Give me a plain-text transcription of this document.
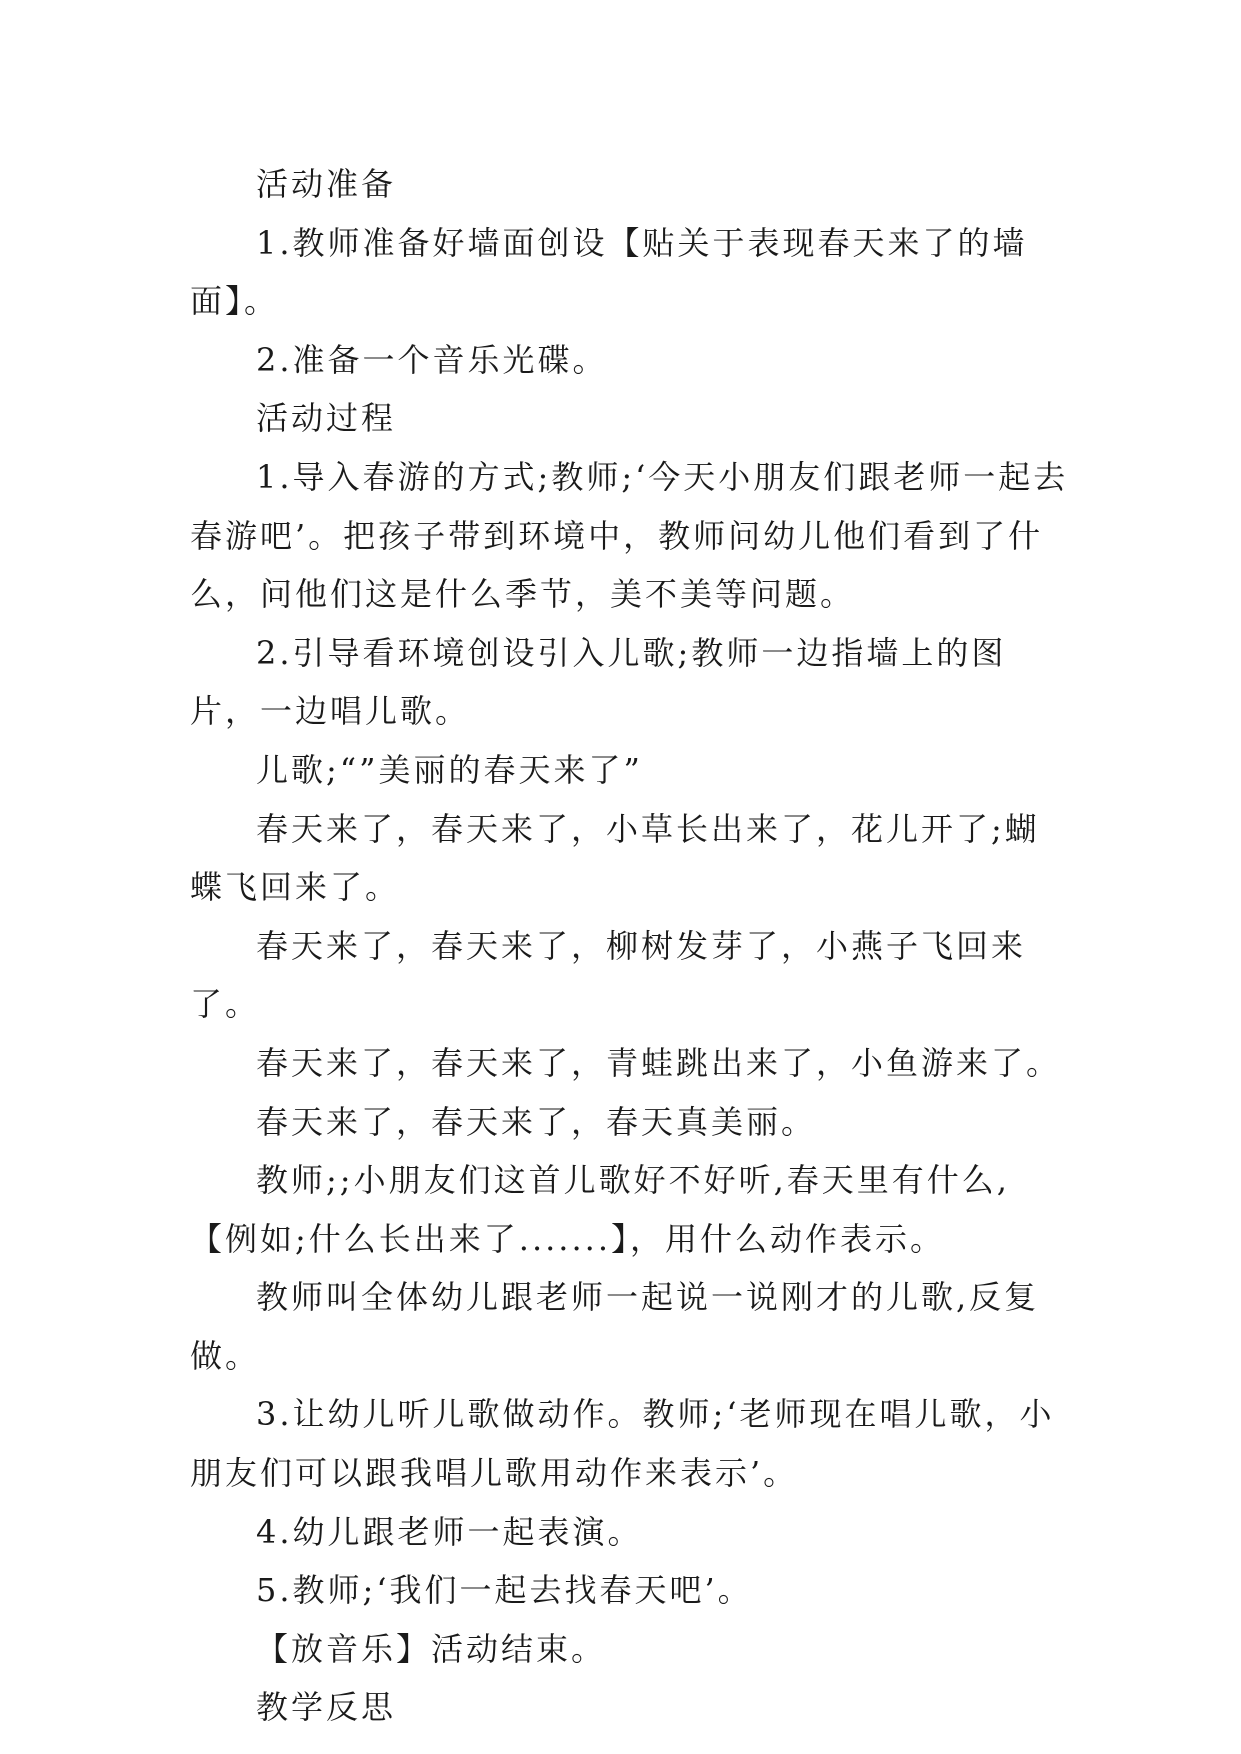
活动准备

1.教师准备好墙面创设【贴关于表现春天来了的墙面】。

2.准备一个音乐光碟。

活动过程

1.导入春游的方式;教师;‘今天小朋友们跟老师一起去春游吧’。把孩子带到环境中，教师问幼儿他们看到了什么，问他们这是什么季节，美不美等问题。

2.引导看环境创设引入儿歌;教师一边指墙上的图片，一边唱儿歌。

儿歌;“”美丽的春天来了”

春天来了，春天来了，小草长出来了，花儿开了;蝴蝶飞回来了。

春天来了，春天来了，柳树发芽了，小燕子飞回来了。

春天来了，春天来了，青蛙跳出来了，小鱼游来了。

春天来了，春天来了，春天真美丽。

教师;;小朋友们这首儿歌好不好听,春天里有什么,【例如;什么长出来了.......】，用什么动作表示。

教师叫全体幼儿跟老师一起说一说刚才的儿歌,反复做。

3.让幼儿听儿歌做动作。教师;‘老师现在唱儿歌，小朋友们可以跟我唱儿歌用动作来表示’。

4.幼儿跟老师一起表演。

5.教师;‘我们一起去找春天吧’。

【放音乐】活动结束。

教学反思
